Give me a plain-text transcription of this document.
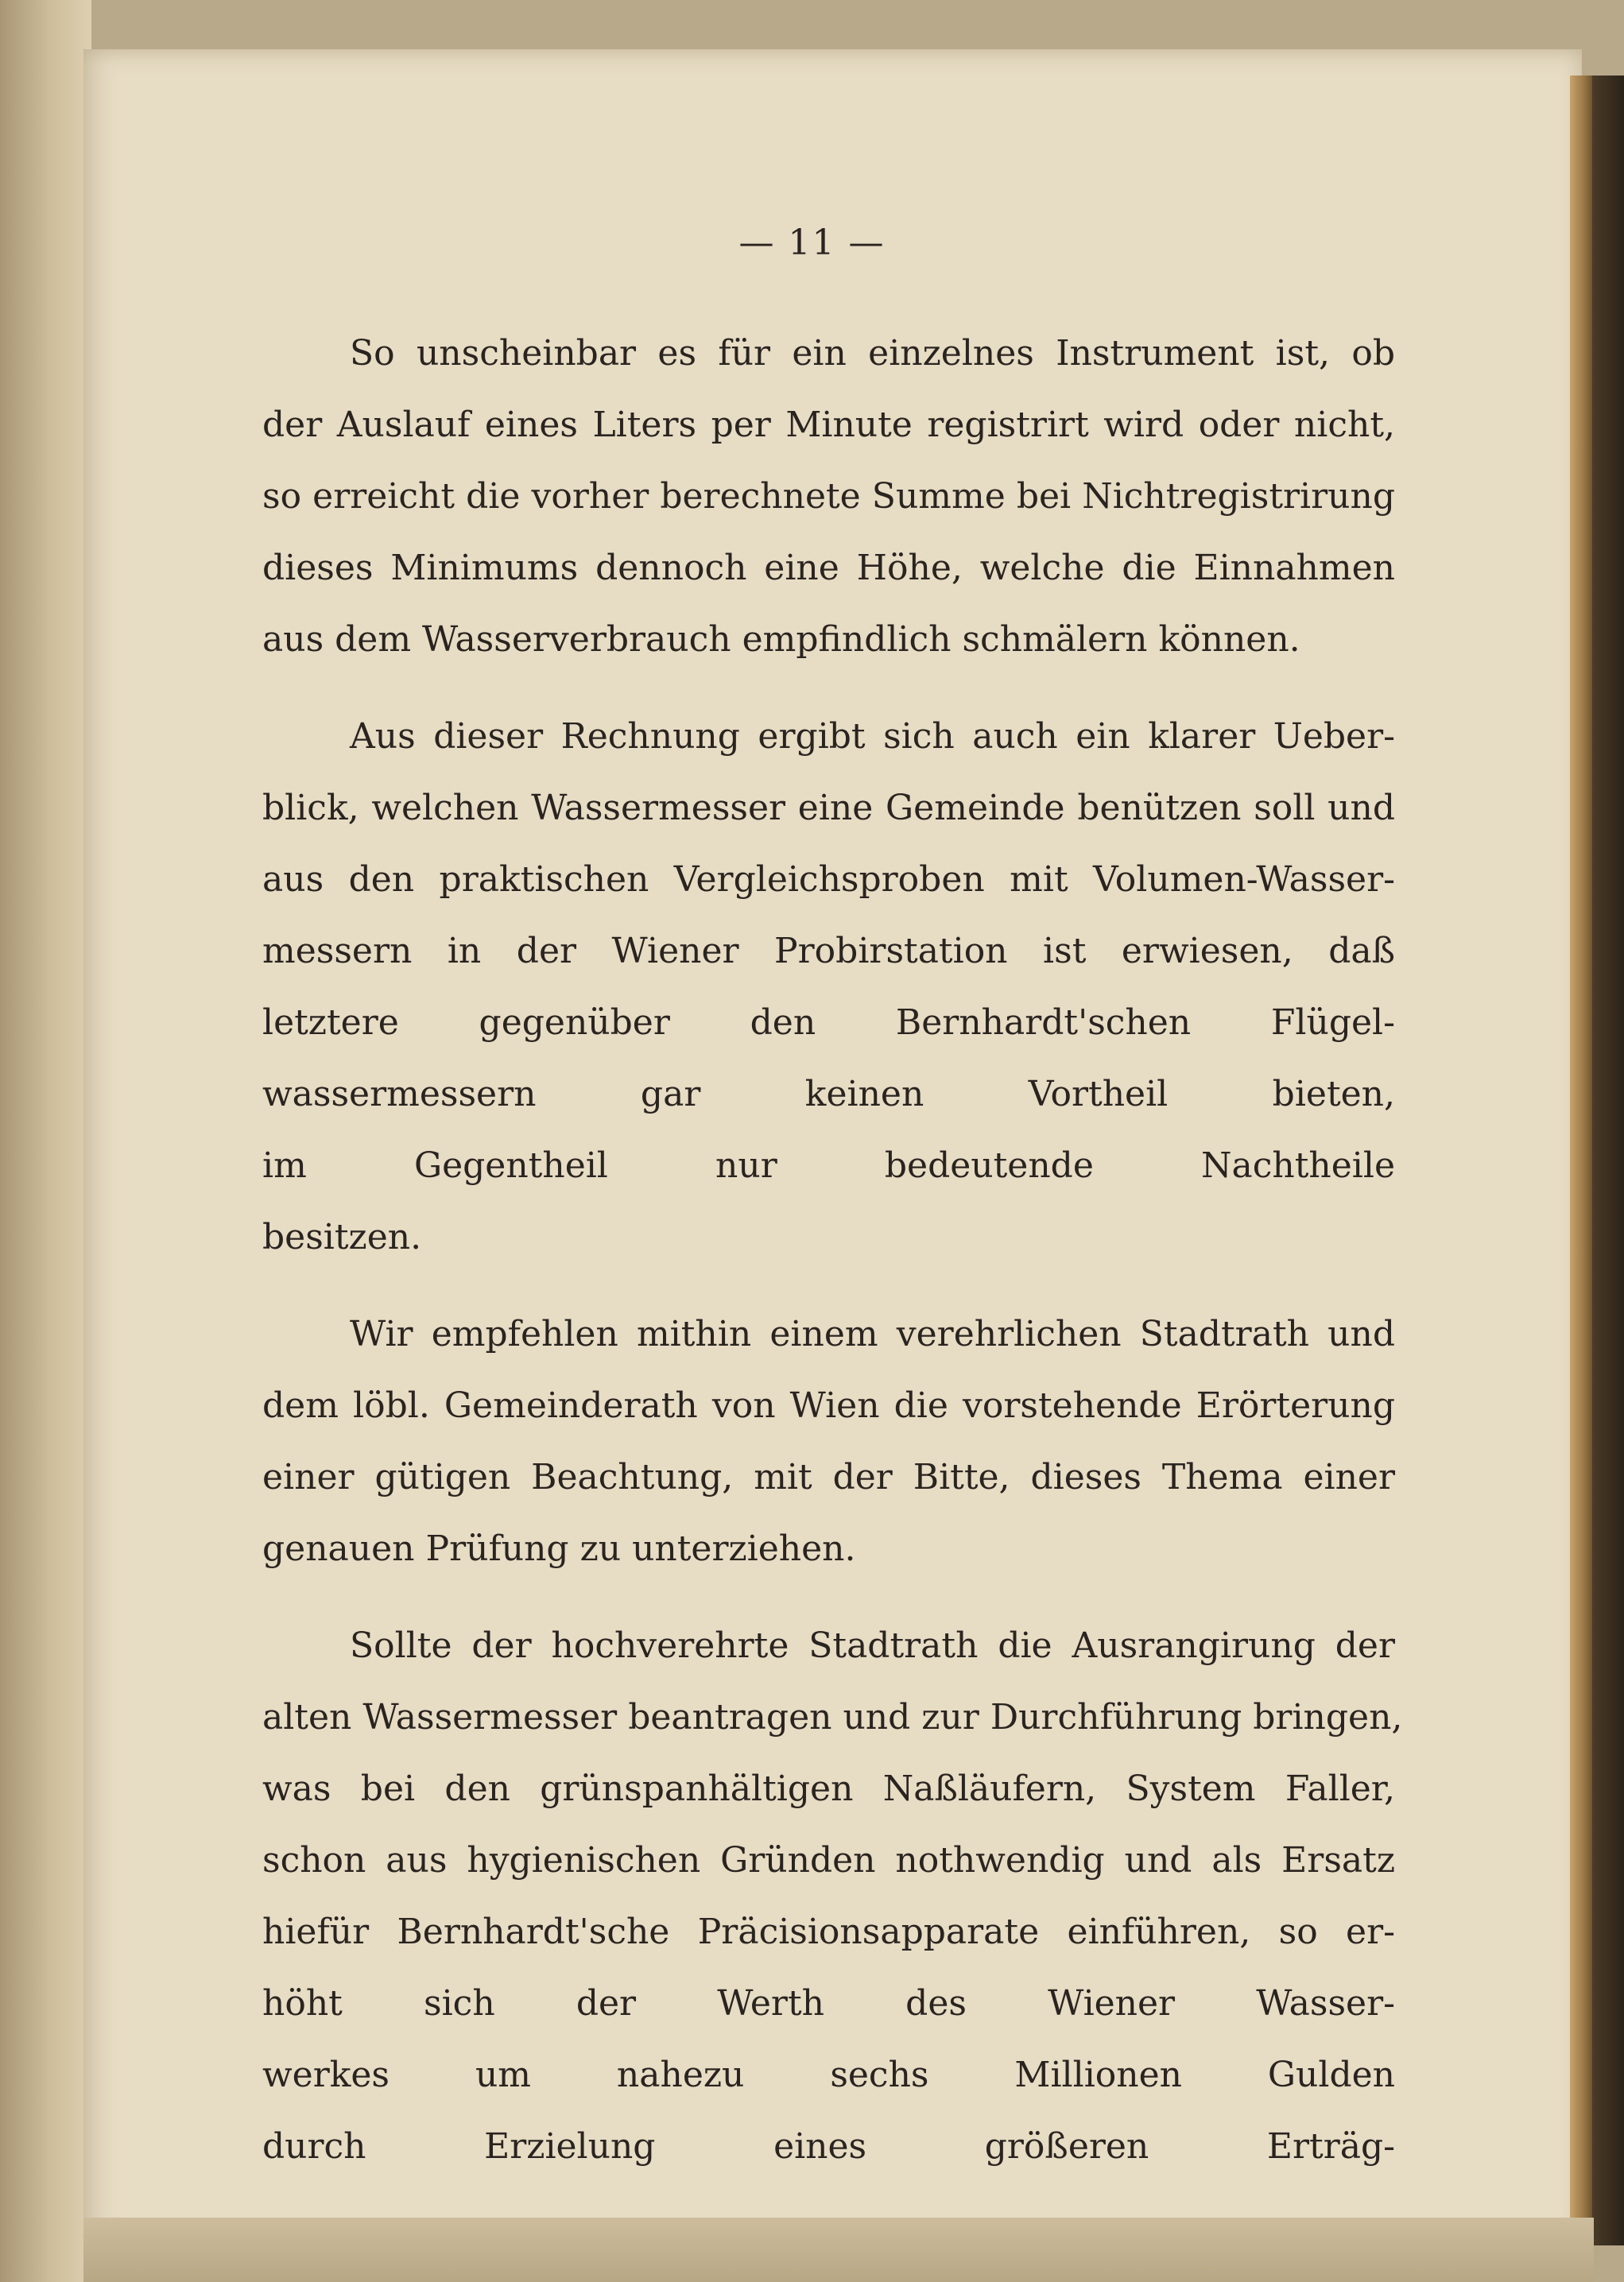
— 11 —
So unscheinbar es für ein einzelnes Instrument ist, ob
der Auslauf eines Liters per Minute registrirt wird oder nicht,
so erreicht die vorher berechnete Summe bei Nichtregistrirung
dieses Minimums dennoch eine Höhe, welche die Einnahmen
aus dem Wasserverbrauch empfindlich schmälern können.
Aus dieser Rechnung ergibt sich auch ein klarer Ueber-
blick, welchen Wassermesser eine Gemeinde benützen soll und
aus den praktischen Vergleichsproben mit Volumen-Wasser-
messern in der Wiener Probirstation ist erwiesen, daß
letztere gegenüber den Bernhardt'schen Flügel-
wassermessern gar keinen Vortheil bieten,
im Gegentheil nur bedeutende Nachtheile
besitzen.
Wir empfehlen mithin einem verehrlichen Stadtrath und
dem löbl. Gemeinderath von Wien die vorstehende Erörterung
einer gütigen Beachtung, mit der Bitte, dieses Thema einer
genauen Prüfung zu unterziehen.
Sollte der hochverehrte Stadtrath die Ausrangirung der
alten Wassermesser beantragen und zur Durchführung bringen,
was bei den grünspanhältigen Naßläufern, System Faller,
schon aus hygienischen Gründen nothwendig und als Ersatz
hiefür Bernhardt'sche Präcisionsapparate einführen, so er-
höht sich der Werth des Wiener Wasser-
werkes um nahezu sechs Millionen Gulden
durch Erzielung eines größeren Erträg-
